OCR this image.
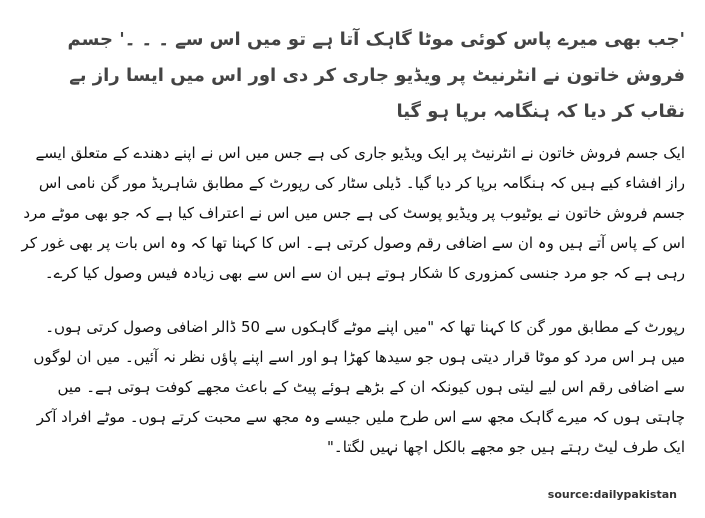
'جب بھی میرے پاس کوئی موٹا گاہک آتا ہے تو میں اس سے ۔ ۔ ۔' جسم فروش خاتون نے انٹرنیٹ پر ویڈیو جاری کر دی اور اس میں ایسا راز بے نقاب کر دیا کہ ہنگامہ برپا ہو گیا

ایک جسم فروش خاتون نے انٹرنیٹ پر ایک ویڈیو جاری کی ہے جس میں اس نے اپنے دھندے کے متعلق ایسے راز افشاء کیے ہیں کہ ہنگامہ برپا کر دیا گیا۔ ڈیلی سٹار کی رپورٹ کے مطابق شاہریڈ مور گن نامی اس جسم فروش خاتون نے یوٹیوب پر ویڈیو پوسٹ کی ہے جس میں اس نے اعتراف کیا ہے کہ جو بھی موٹے مرد اس کے پاس آتے ہیں وہ ان سے اضافی رقم وصول کرتی ہے۔ اس کا کہنا تھا کہ وہ اس بات پر بھی غور کر رہی ہے کہ جو مرد جنسی کمزوری کا شکار ہوتے ہیں ان سے اس سے بھی زیادہ فیس وصول کیا کرے۔

رپورٹ کے مطابق مور گن کا کہنا تھا کہ "میں اپنے موٹے گاہکوں سے 50 ڈالر اضافی وصول کرتی ہوں۔ میں ہر اس مرد کو موٹا قرار دیتی ہوں جو سیدھا کھڑا ہو اور اسے اپنے پاؤں نظر نہ آئیں۔ میں ان لوگوں سے اضافی رقم اس لیے لیتی ہوں کیونکہ ان کے بڑھے ہوئے پیٹ کے باعث مجھے کوفت ہوتی ہے۔ میں چاہتی ہوں کہ میرے گاہک مجھ سے اس طرح ملیں جیسے وہ مجھ سے محبت کرتے ہوں۔ موٹے افراد آکر ایک طرف لیٹ رہتے ہیں جو مجھے بالکل اچھا نہیں لگتا۔"

source:dailypakistan
